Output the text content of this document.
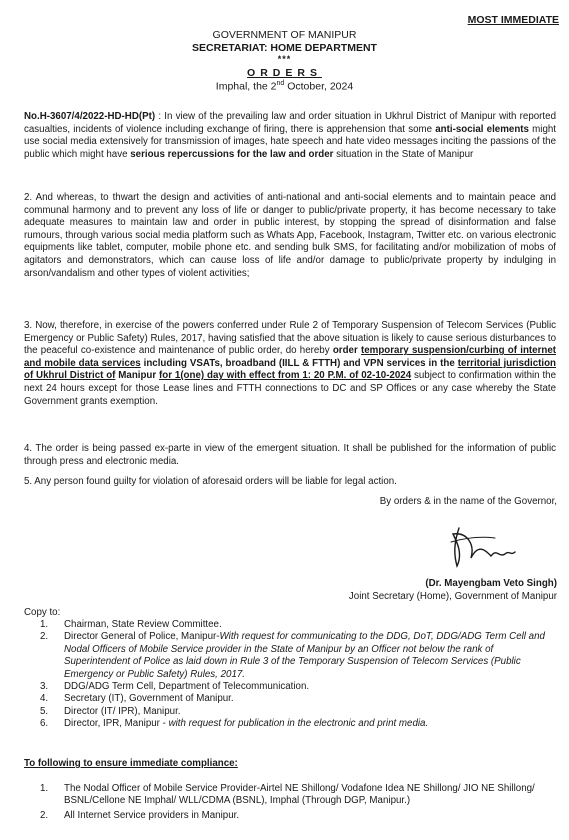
MOST IMMEDIATE
GOVERNMENT OF MANIPUR
SECRETARIAT: HOME DEPARTMENT
***
ORDERS
Imphal, the 2nd October, 2024

No.H-3607/4/2022-HD-HD(Pt) : In view of the prevailing law and order situation in Ukhrul District of Manipur with reported casualties, incidents of violence including exchange of firing, there is apprehension that some anti-social elements might use social media extensively for transmission of images, hate speech and hate video messages inciting the passions of the public which might have serious repercussions for the law and order situation in the State of Manipur

2. And whereas, to thwart the design and activities of anti-national and anti-social elements and to maintain peace and communal harmony and to prevent any loss of life or danger to public/private property, it has become necessary to take adequate measures to maintain law and order in public interest, by stopping the spread of disinformation and false rumours, through various social media platform such as Whats App, Facebook, Instagram, Twitter etc. on various electronic equipments like tablet, computer, mobile phone etc. and sending bulk SMS, for facilitating and/or mobilization of mobs of agitators and demonstrators, which can cause loss of life and/or damage to public/private property by indulging in arson/vandalism and other types of violent activities;

3. Now, therefore, in exercise of the powers conferred under Rule 2 of Temporary Suspension of Telecom Services (Public Emergency or Public Safety) Rules, 2017, having satisfied that the above situation is likely to cause serious disturbances to the peaceful co-existence and maintenance of public order, do hereby order temporary suspension/curbing of internet and mobile data services including VSATs, broadband (IILL & FTTH) and VPN services in the territorial jurisdiction of Ukhrul District of Manipur for 1(one) day with effect from 1: 20 P.M. of 02-10-2024 subject to confirmation within the next 24 hours except for those Lease lines and FTTH connections to DC and SP Offices or any case whereby the State Government grants exemption.

4. The order is being passed ex-parte in view of the emergent situation. It shall be published for the information of public through press and electronic media.

5. Any person found guilty for violation of aforesaid orders will be liable for legal action.

By orders & in the name of the Governor,
(Dr. Mayengbam Veto Singh)
Joint Secretary (Home), Government of Manipur
Copy to:
1.	Chairman, State Review Committee.
2.	Director General of Police, Manipur-With request for communicating to the DDG, DoT, DDG/ADG Term Cell and Nodal Officers of Mobile Service provider in the State of Manipur by an Officer not below the rank of Superintendent of Police as laid down in Rule 3 of the Temporary Suspension of Telecom Services (Public Emergency or Public Safety) Rules, 2017.
3.	DDG/ADG Term Cell, Department of Telecommunication.
4.	Secretary (IT), Government of Manipur.
5.	Director (IT/ IPR), Manipur.
6.	Director, IPR, Manipur - with request for publication in the electronic and print media.
To following to ensure immediate compliance:
1.	The Nodal Officer of Mobile Service Provider-Airtel NE Shillong/ Vodafone Idea NE Shillong/ JIO NE Shillong/ BSNL/Cellone NE Imphal/ WLL/CDMA (BSNL), Imphal (Through DGP, Manipur.)
2.	All Internet Service providers in Manipur.
